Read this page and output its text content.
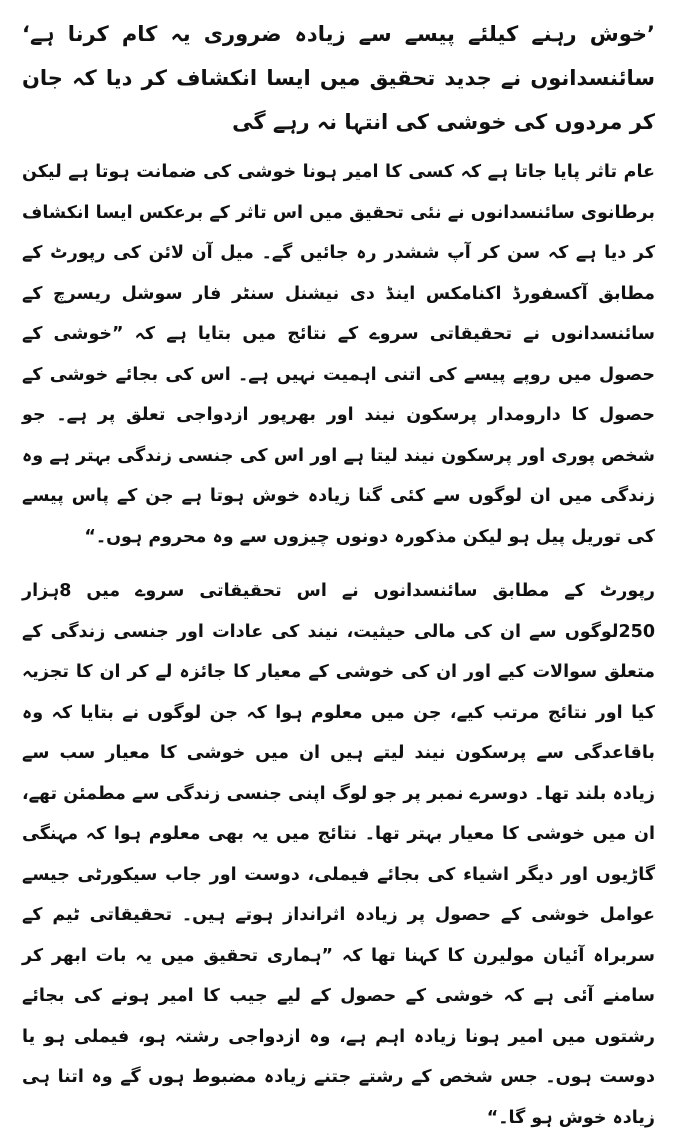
’خوش رہنے کیلئے پیسے سے زیادہ ضروری یہ کام کرنا ہے‘ سائنسدانوں نے جدید تحقیق میں ایسا انکشاف کر دیا کہ جان کر مردوں کی خوشی کی انتہا نہ رہے گی

عام تاثر پایا جاتا ہے کہ کسی کا امیر ہونا خوشی کی ضمانت ہوتا ہے لیکن برطانوی سائنسدانوں نے نئی تحقیق میں اس تاثر کے برعکس ایسا انکشاف کر دیا ہے کہ سن کر آپ ششدر رہ جائیں گے۔ میل آن لائن کی رپورٹ کے مطابق آکسفورڈ اکنامکس اینڈ دی نیشنل سنٹر فار سوشل ریسرچ کے سائنسدانوں نے تحقیقاتی سروے کے نتائج میں بتایا ہے کہ ”خوشی کے حصول میں روپے پیسے کی اتنی اہمیت نہیں ہے۔ اس کی بجائے خوشی کے حصول کا دارومدار پرسکون نیند اور بھرپور ازدواجی تعلق پر ہے۔ جو شخص پوری اور پرسکون نیند لیتا ہے اور اس کی جنسی زندگی بہتر ہے وہ زندگی میں ان لوگوں سے کئی گنا زیادہ خوش ہوتا ہے جن کے پاس پیسے کی توریل پیل ہو لیکن مذکورہ دونوں چیزوں سے وہ محروم ہوں۔“

رپورٹ کے مطابق سائنسدانوں نے اس تحقیقاتی سروے میں 8ہزار 250لوگوں سے ان کی مالی حیثیت، نیند کی عادات اور جنسی زندگی کے متعلق سوالات کیے اور ان کی خوشی کے معیار کا جائزہ لے کر ان کا تجزیہ کیا اور نتائج مرتب کیے، جن میں معلوم ہوا کہ جن لوگوں نے بتایا کہ وہ باقاعدگی سے پرسکون نیند لیتے ہیں ان میں خوشی کا معیار سب سے زیادہ بلند تھا۔ دوسرے نمبر پر جو لوگ اپنی جنسی زندگی سے مطمئن تھے، ان میں خوشی کا معیار بہتر تھا۔ نتائج میں یہ بھی معلوم ہوا کہ مہنگی گاڑیوں اور دیگر اشیاء کی بجائے فیملی، دوست اور جاب سیکورٹی جیسے عوامل خوشی کے حصول پر زیادہ اثرانداز ہوتے ہیں۔ تحقیقاتی ٹیم کے سربراہ آئیان مولیرن کا کہنا تھا کہ ”ہماری تحقیق میں یہ بات ابھر کر سامنے آئی ہے کہ خوشی کے حصول کے لیے جیب کا امیر ہونے کی بجائے رشتوں میں امیر ہونا زیادہ اہم ہے، وہ ازدواجی رشتہ ہو، فیملی ہو یا دوست ہوں۔ جس شخص کے رشتے جتنے زیادہ مضبوط ہوں گے وہ اتنا ہی زیادہ خوش ہو گا۔“
